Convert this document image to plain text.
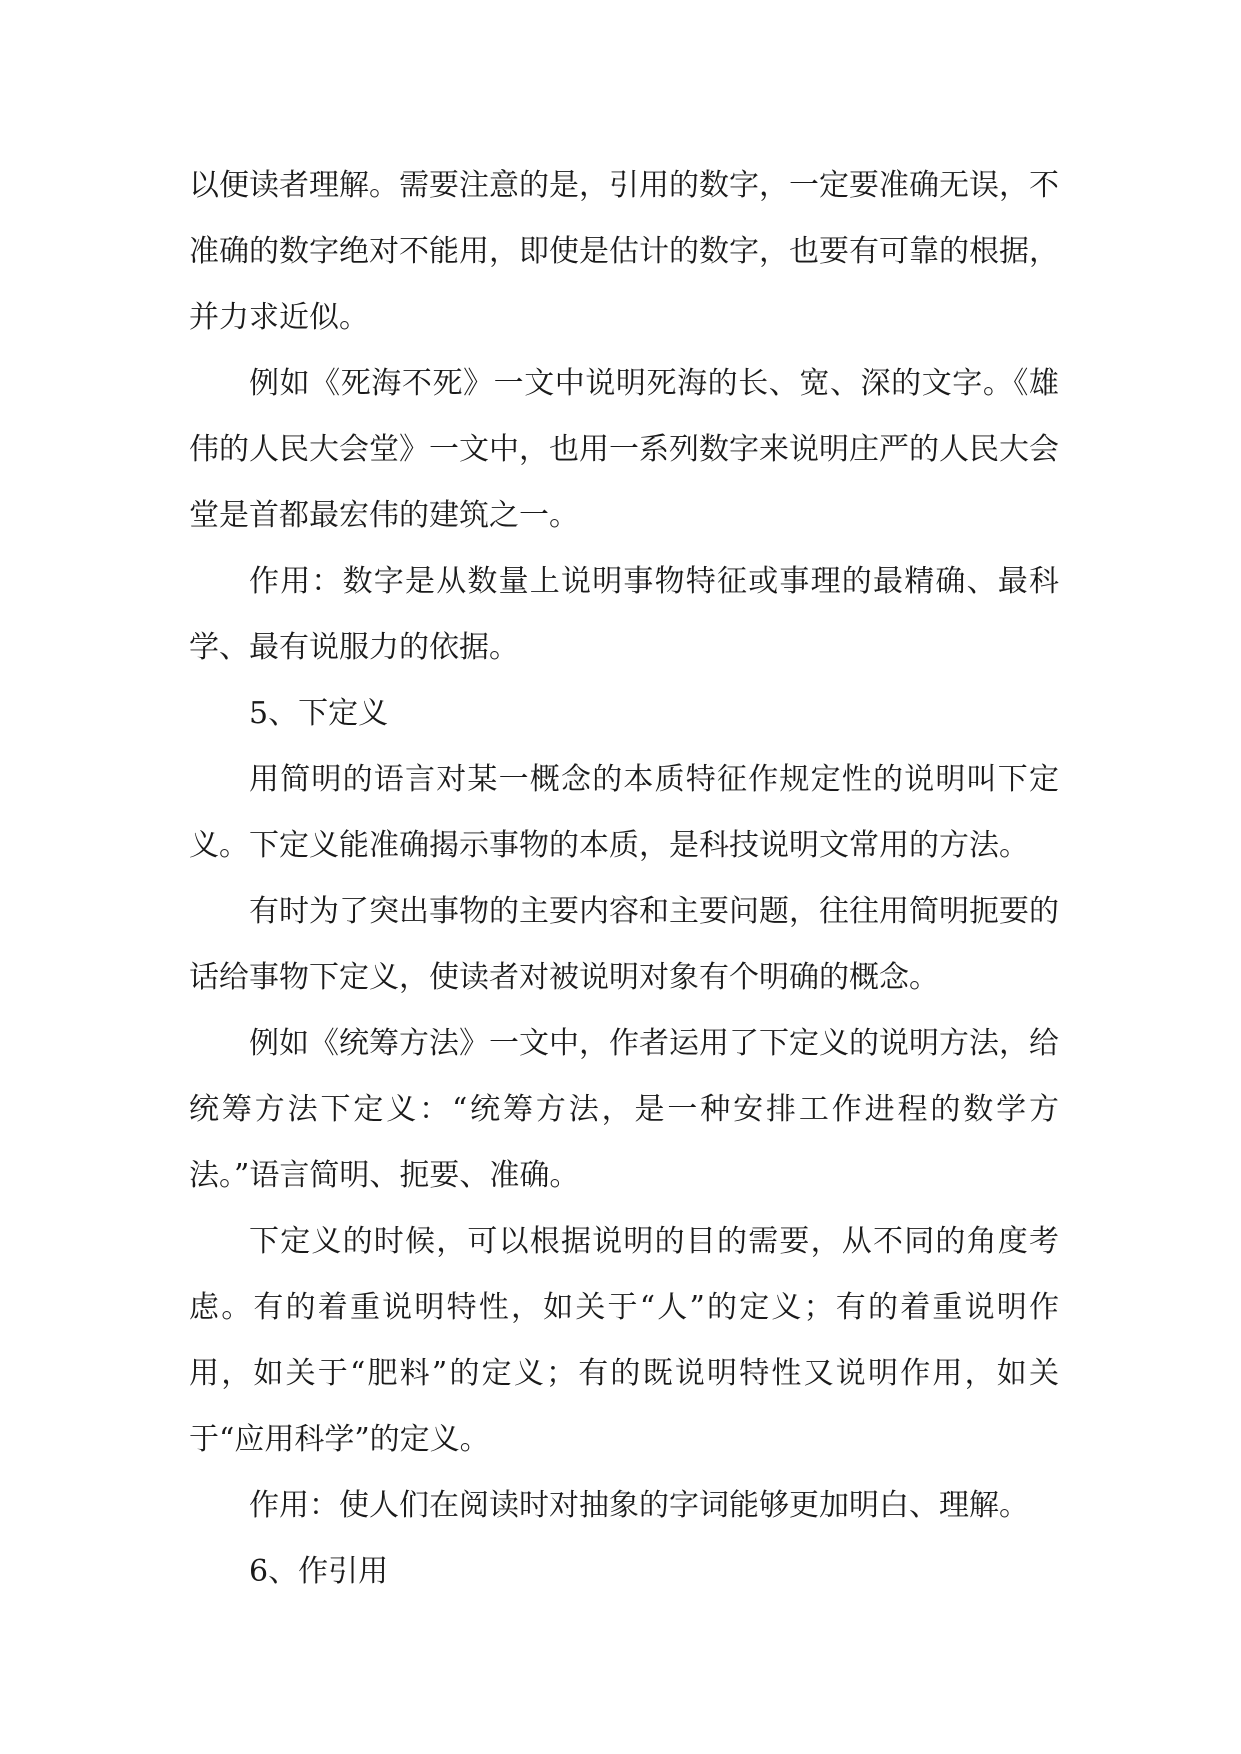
以便读者理解。需要注意的是，引用的数字，一定要准确无误，不准确的数字绝对不能用，即使是估计的数字，也要有可靠的根据，并力求近似。

例如《死海不死》一文中说明死海的长、宽、深的文字。《雄伟的人民大会堂》一文中，也用一系列数字来说明庄严的人民大会堂是首都最宏伟的建筑之一。

作用：数字是从数量上说明事物特征或事理的最精确、最科学、最有说服力的依据。

5、下定义

用简明的语言对某一概念的本质特征作规定性的说明叫下定义。下定义能准确揭示事物的本质，是科技说明文常用的方法。

有时为了突出事物的主要内容和主要问题，往往用简明扼要的话给事物下定义，使读者对被说明对象有个明确的概念。

例如《统筹方法》一文中，作者运用了下定义的说明方法，给统筹方法下定义：“统筹方法，是一种安排工作进程的数学方法。”语言简明、扼要、准确。

下定义的时候，可以根据说明的目的需要，从不同的角度考虑。有的着重说明特性，如关于“人”的定义；有的着重说明作用，如关于“肥料”的定义；有的既说明特性又说明作用，如关于“应用科学”的定义。

作用：使人们在阅读时对抽象的字词能够更加明白、理解。

6、作引用
